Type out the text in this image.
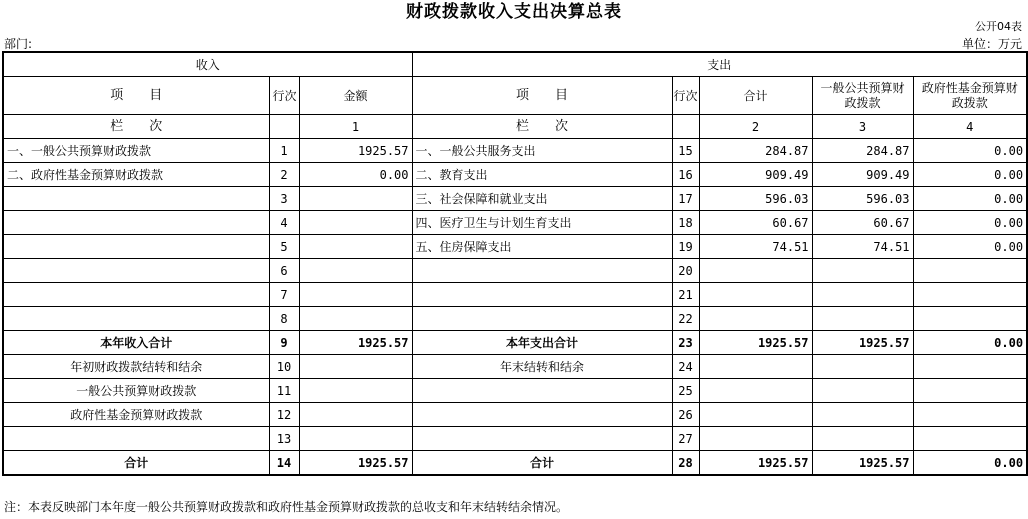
财政拨款收入支出决算总表
公开04表
部门:	单位：万元
收入			支出				
项　　目	行次	金额	项　　目	行次	合计	一般公共预算财政拨款	政府性基金预算财政拨款
栏　　次		1	栏　　次		2	3	4
一、一般公共预算财政拨款	1	1925.57	一、一般公共服务支出	15	284.87	284.87	0.00
二、政府性基金预算财政拨款	2	0.00	二、教育支出	16	909.49	909.49	0.00
	3		三、社会保障和就业支出	17	596.03	596.03	0.00
	4		四、医疗卫生与计划生育支出	18	60.67	60.67	0.00
	5		五、住房保障支出	19	74.51	74.51	0.00
	6			20			
	7			21			
	8			22			
本年收入合计	9	1925.57	本年支出合计	23	1925.57	1925.57	0.00
年初财政拨款结转和结余	10		年末结转和结余	24			
一般公共预算财政拨款	11			25			
政府性基金预算财政拨款	12			26			
	13			27			
合计	14	1925.57	合计	28	1925.57	1925.57	0.00
注：本表反映部门本年度一般公共预算财政拨款和政府性基金预算财政拨款的总收支和年末结转结余情况。
